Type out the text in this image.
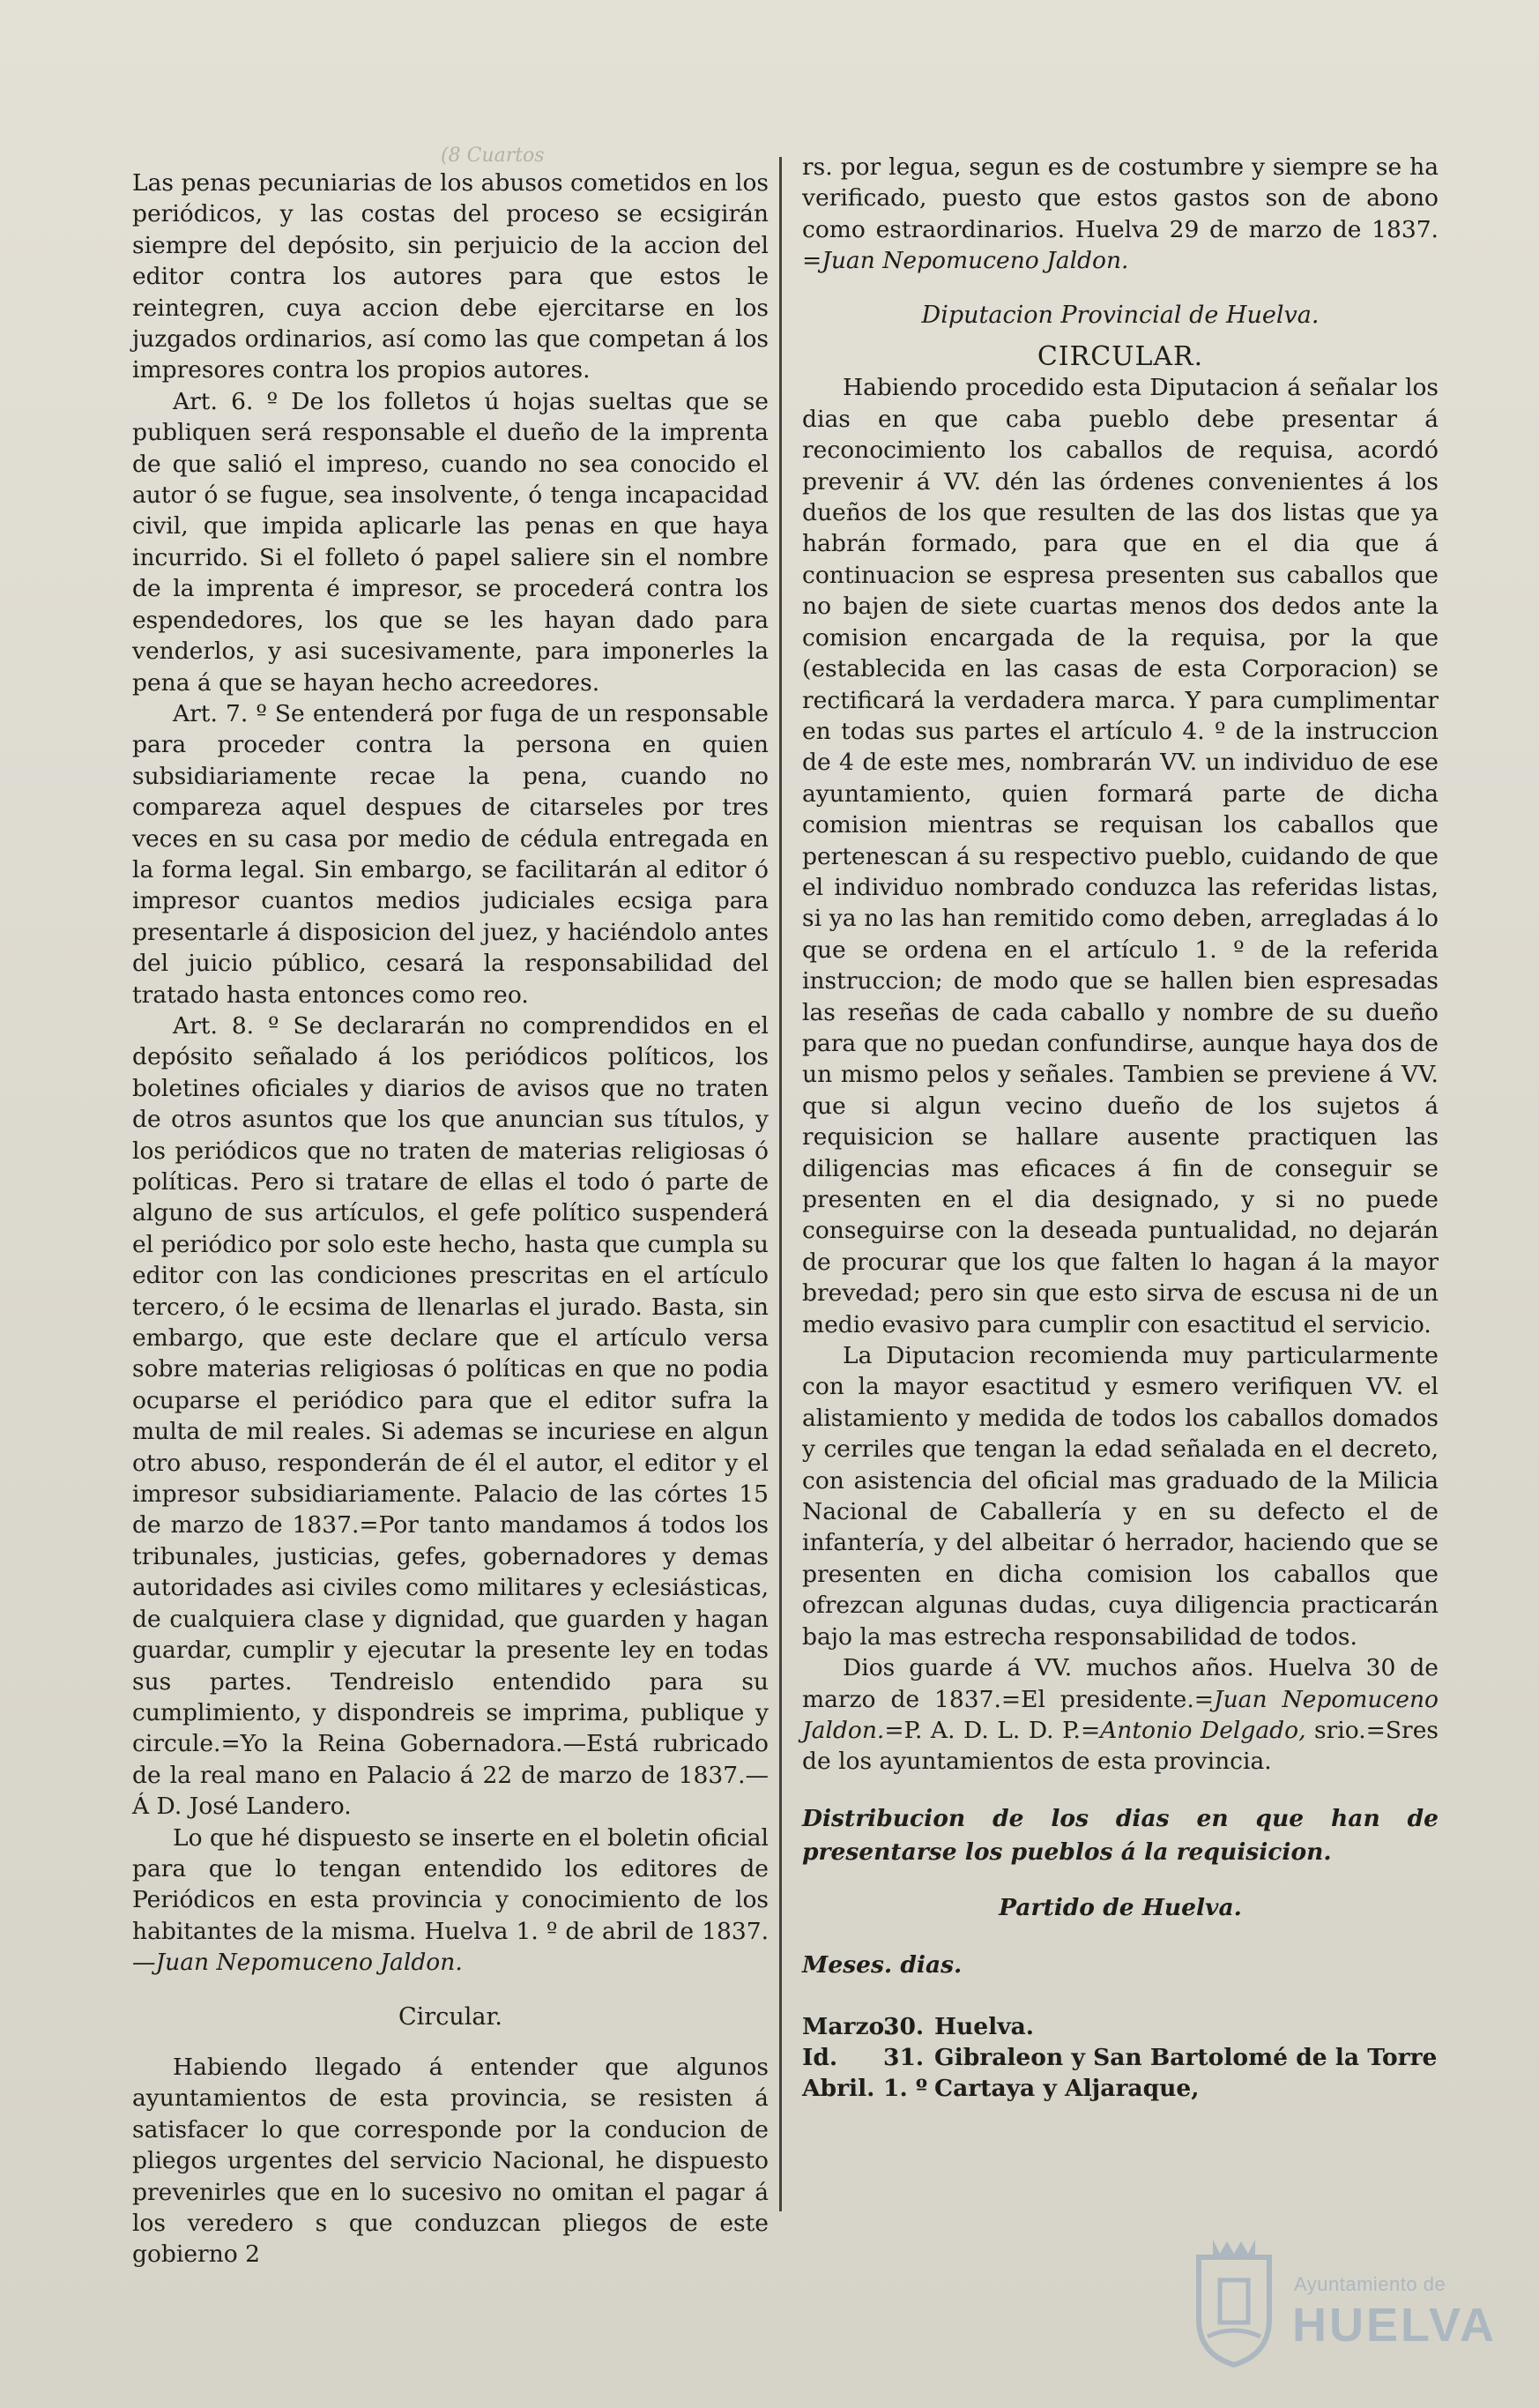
(8 Cuartos

Las penas pecuniarias de los abusos cometidos en los periódicos, y las costas del proceso se ecsigirán siempre del depósito, sin perjuicio de la accion del editor contra los autores para que estos le reintegren, cuya accion debe ejercitarse en los juzgados ordinarios, así como las que competan á los impresores contra los propios autores.

Art. 6. º De los folletos ú hojas sueltas que se publiquen será responsable el dueño de la imprenta de que salió el impreso, cuando no sea conocido el autor ó se fugue, sea insolvente, ó tenga incapacidad civil, que impida aplicarle las penas en que haya incurrido. Si el folleto ó papel saliere sin el nombre de la imprenta é impresor, se procederá contra los espendedores, los que se les hayan dado para venderlos, y asi sucesivamente, para imponerles la pena á que se hayan hecho acreedores.

Art. 7. º Se entenderá por fuga de un responsable para proceder contra la persona en quien subsidiariamente recae la pena, cuando no compareza aquel despues de citarseles por tres veces en su casa por medio de cédula entregada en la forma legal. Sin embargo, se facilitarán al editor ó impresor cuantos medios judiciales ecsiga para presentarle á disposicion del juez, y haciéndolo antes del juicio público, cesará la responsabilidad del tratado hasta entonces como reo.

Art. 8. º Se declararán no comprendidos en el depósito señalado á los periódicos políticos, los boletines oficiales y diarios de avisos que no traten de otros asuntos que los que anuncian sus títulos, y los periódicos que no traten de materias religiosas ó políticas. Pero si tratare de ellas el todo ó parte de alguno de sus artículos, el gefe político suspenderá el periódico por solo este hecho, hasta que cumpla su editor con las condiciones prescritas en el artículo tercero, ó le ecsima de llenarlas el jurado. Basta, sin embargo, que este declare que el artículo versa sobre materias religiosas ó políticas en que no podia ocuparse el periódico para que el editor sufra la multa de mil reales. Si ademas se incuriese en algun otro abuso, responderán de él el autor, el editor y el impresor subsidiariamente. Palacio de las córtes 15 de marzo de 1837.=Por tanto mandamos á todos los tribunales, justicias, gefes, gobernadores y demas autoridades asi civiles como militares y eclesiásticas, de cualquiera clase y dignidad, que guarden y hagan guardar, cumplir y ejecutar la presente ley en todas sus partes. Tendreislo entendido para su cumplimiento, y dispondreis se imprima, publique y circule.=Yo la Reina Gobernadora.—Está rubricado de la real mano en Palacio á 22 de marzo de 1837.—Á D. José Landero.

Lo que hé dispuesto se inserte en el boletin oficial para que lo tengan entendido los editores de Periódicos en esta provincia y conocimiento de los habitantes de la misma. Huelva 1. º de abril de 1837.—Juan Nepomuceno Jaldon.

Circular.

Habiendo llegado á entender que algunos ayuntamientos de esta provincia, se resisten á satisfacer lo que corresponde por la conducion de pliegos urgentes del servicio Nacional, he dispuesto prevenirles que en lo sucesivo no omitan el pagar á los veredero s que conduzcan pliegos de este gobierno 2

rs. por legua, segun es de costumbre y siempre se ha verificado, puesto que estos gastos son de abono como estraordinarios. Huelva 29 de marzo de 1837. =Juan Nepomuceno Jaldon.

Diputacion Provincial de Huelva.

CIRCULAR.

Habiendo procedido esta Diputacion á señalar los dias en que caba pueblo debe presentar á reconocimiento los caballos de requisa, acordó prevenir á VV. dén las órdenes convenientes á los dueños de los que resulten de las dos listas que ya habrán formado, para que en el dia que á continuacion se espresa presenten sus caballos que no bajen de siete cuartas menos dos dedos ante la comision encargada de la requisa, por la que (establecida en las casas de esta Corporacion) se rectificará la verdadera marca. Y para cumplimentar en todas sus partes el artículo 4. º de la instruccion de 4 de este mes, nombrarán VV. un individuo de ese ayuntamiento, quien formará parte de dicha comision mientras se requisan los caballos que pertenescan á su respectivo pueblo, cuidando de que el individuo nombrado conduzca las referidas listas, si ya no las han remitido como deben, arregladas á lo que se ordena en el artículo 1. º de la referida instruccion; de modo que se hallen bien espresadas las reseñas de cada caballo y nombre de su dueño para que no puedan confundirse, aunque haya dos de un mismo pelos y señales. Tambien se previene á VV. que si algun vecino dueño de los sujetos á requisicion se hallare ausente practiquen las diligencias mas eficaces á fin de conseguir se presenten en el dia designado, y si no puede conseguirse con la deseada puntualidad, no dejarán de procurar que los que falten lo hagan á la mayor brevedad; pero sin que esto sirva de escusa ni de un medio evasivo para cumplir con esactitud el servicio.

La Diputacion recomienda muy particularmente con la mayor esactitud y esmero verifiquen VV. el alistamiento y medida de todos los caballos domados y cerriles que tengan la edad señalada en el decreto, con asistencia del oficial mas graduado de la Milicia Nacional de Caballería y en su defecto el de infantería, y del albeitar ó herrador, haciendo que se presenten en dicha comision los caballos que ofrezcan algunas dudas, cuya diligencia practicarán bajo la mas estrecha responsabilidad de todos.

Dios guarde á VV. muchos años. Huelva 30 de marzo de 1837.=El presidente.=Juan Nepomuceno Jaldon.=P. A. D. L. D. P.=Antonio Delgado, srio.=Sres de los ayuntamientos de esta provincia.

Distribucion de los dias en que han de presentarse los pueblos á la requisicion.

Partido de Huelva.

Meses. dias.

Marzo.30. Huelva.

Id. 31. Gibraleon y San Bartolomé de la Torre

Abril. 1. º Cartaya y Aljaraque,

Ayuntamiento de
HUELVA
